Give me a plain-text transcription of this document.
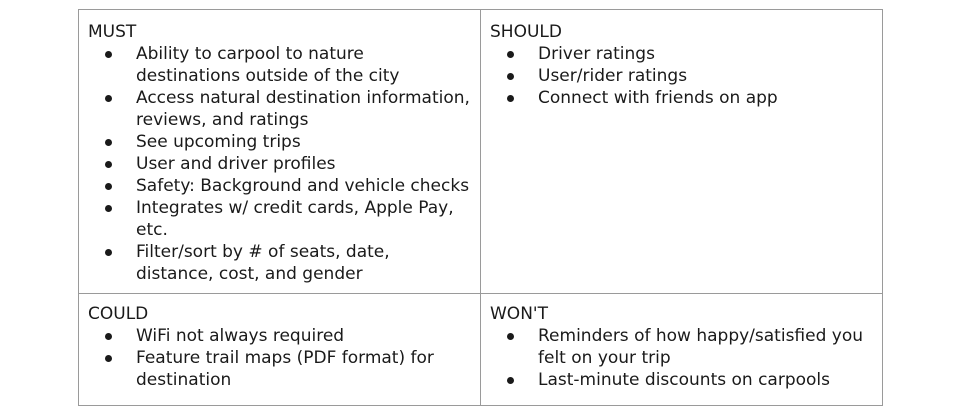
MUST

Ability to carpool to nature destinations outside of the city
Access natural destination information, reviews, and ratings
See upcoming trips
User and driver profiles
Safety: Background and vehicle checks
Integrates w/ credit cards, Apple Pay, etc.
Filter/sort by # of seats, date, distance, cost, and gender

SHOULD

Driver ratings
User/rider ratings
Connect with friends on app

COULD

WiFi not always required
Feature trail maps (PDF format) for destination

WON'T

Reminders of how happy/satisfied you felt on your trip
Last-minute discounts on carpools
